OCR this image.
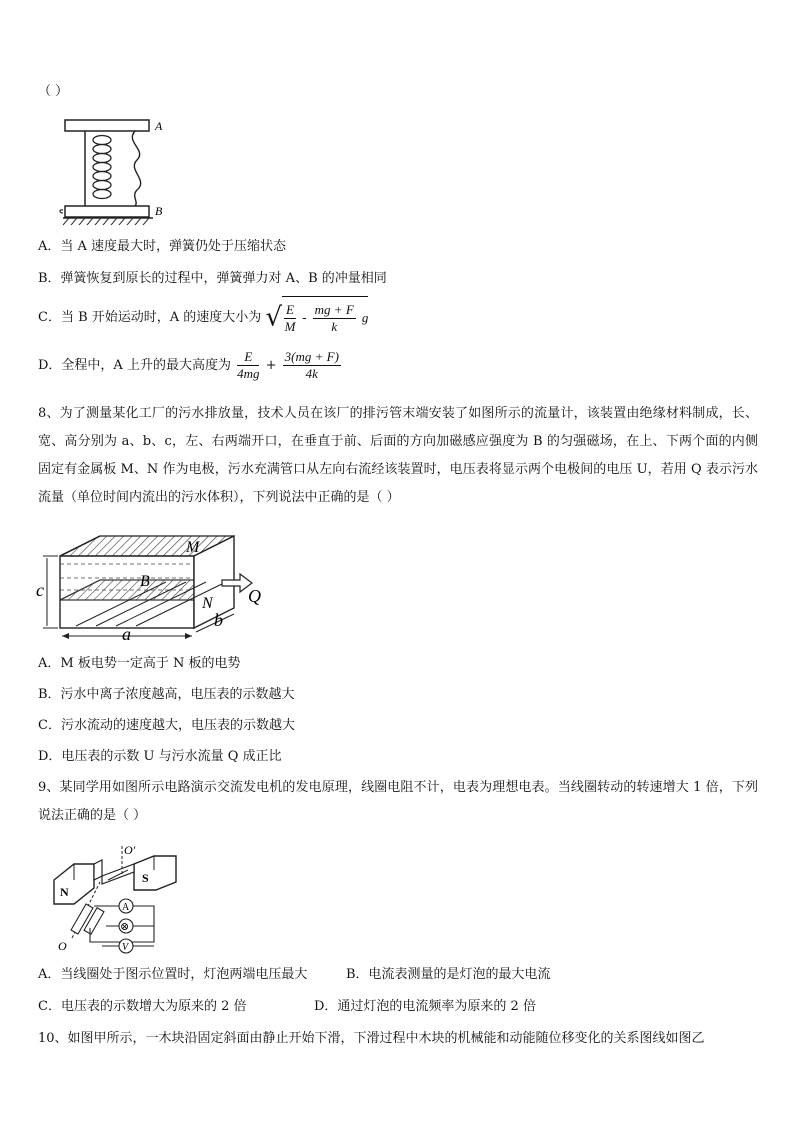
（ ）
A
B
A．当 A 速度最大时，弹簧仍处于压缩状态
B．弹簧恢复到原长的过程中，弹簧弹力对 A、B 的冲量相同
C．当 B 开始运动时，A 的速度大小为 √ $\frac{E}{M} - \frac{mg + F}{k}$ g
D．全程中，A 上升的最大高度为 $\frac{E}{4mg} + \frac{3(mg + F)}{4k}$
8、为了测量某化工厂的污水排放量，技术人员在该厂的排污管末端安装了如图所示的流量计，该装置由绝缘材料制成，长、宽、高分别为 a、b、c，左、右两端开口，在垂直于前、后面的方向加磁感应强度为 B 的匀强磁场，在上、下两个面的内侧固定有金属板 M、N 作为电极，污水充满管口从左向右流经该装置时，电压表将显示两个电极间的电压 U，若用 Q 表示污水流量（单位时间内流出的污水体积），下列说法中正确的是（ ）
M
N
B
Q
a
b
c
A．M 板电势一定高于 N 板的电势
B．污水中离子浓度越高，电压表的示数越大
C．污水流动的速度越大，电压表的示数越大
D．电压表的示数 U 与污水流量 Q 成正比
9、某同学用如图所示电路演示交流发电机的发电原理，线圈电阻不计，电表为理想电表。当线圈转动的转速增大 1 倍，下列说法正确的是（ ）
A
⊗
V
N
S
O′
O
A．当线圈处于图示位置时，灯泡两端电压最大	B．电流表测量的是灯泡的最大电流
C．电压表的示数增大为原来的 2 倍	D．通过灯泡的电流频率为原来的 2 倍
10、如图甲所示，一木块沿固定斜面由静止开始下滑，下滑过程中木块的机械能和动能随位移变化的关系图线如图乙
